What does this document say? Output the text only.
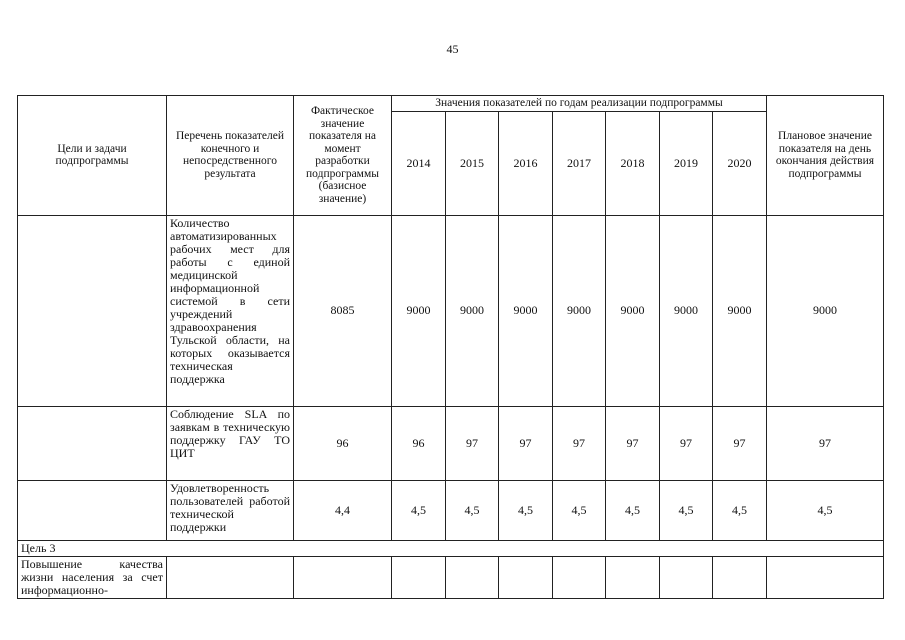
45
Цели и задачи подпрограммы	Перечень показателей конечного и непосредственного результата	Фактическое значение показателя на момент разработки подпрограммы (базисное значение)	Значения показателей по годам реализации подпрограммы							Плановое значение показателя на день окончания действия подпрограммы
			2014	2015	2016	2017	2018	2019	2020	
	Количество автоматизированных рабочих мест для работы с единой медицинской информационной системой в сети учреждений здравоохранения Тульской области, на которых оказывается техническая поддержка	8085	9000	9000	9000	9000	9000	9000	9000	9000
	Соблюдение SLA по заявкам в техническую поддержку ГАУ ТО ЦИТ	96	96	97	97	97	97	97	97	97
	Удовлетворенность пользователей работой технической поддержки	4,4	4,5	4,5	4,5	4,5	4,5	4,5	4,5	4,5
Цель 3										
Повышение качества жизни населения за счет информационно-										
